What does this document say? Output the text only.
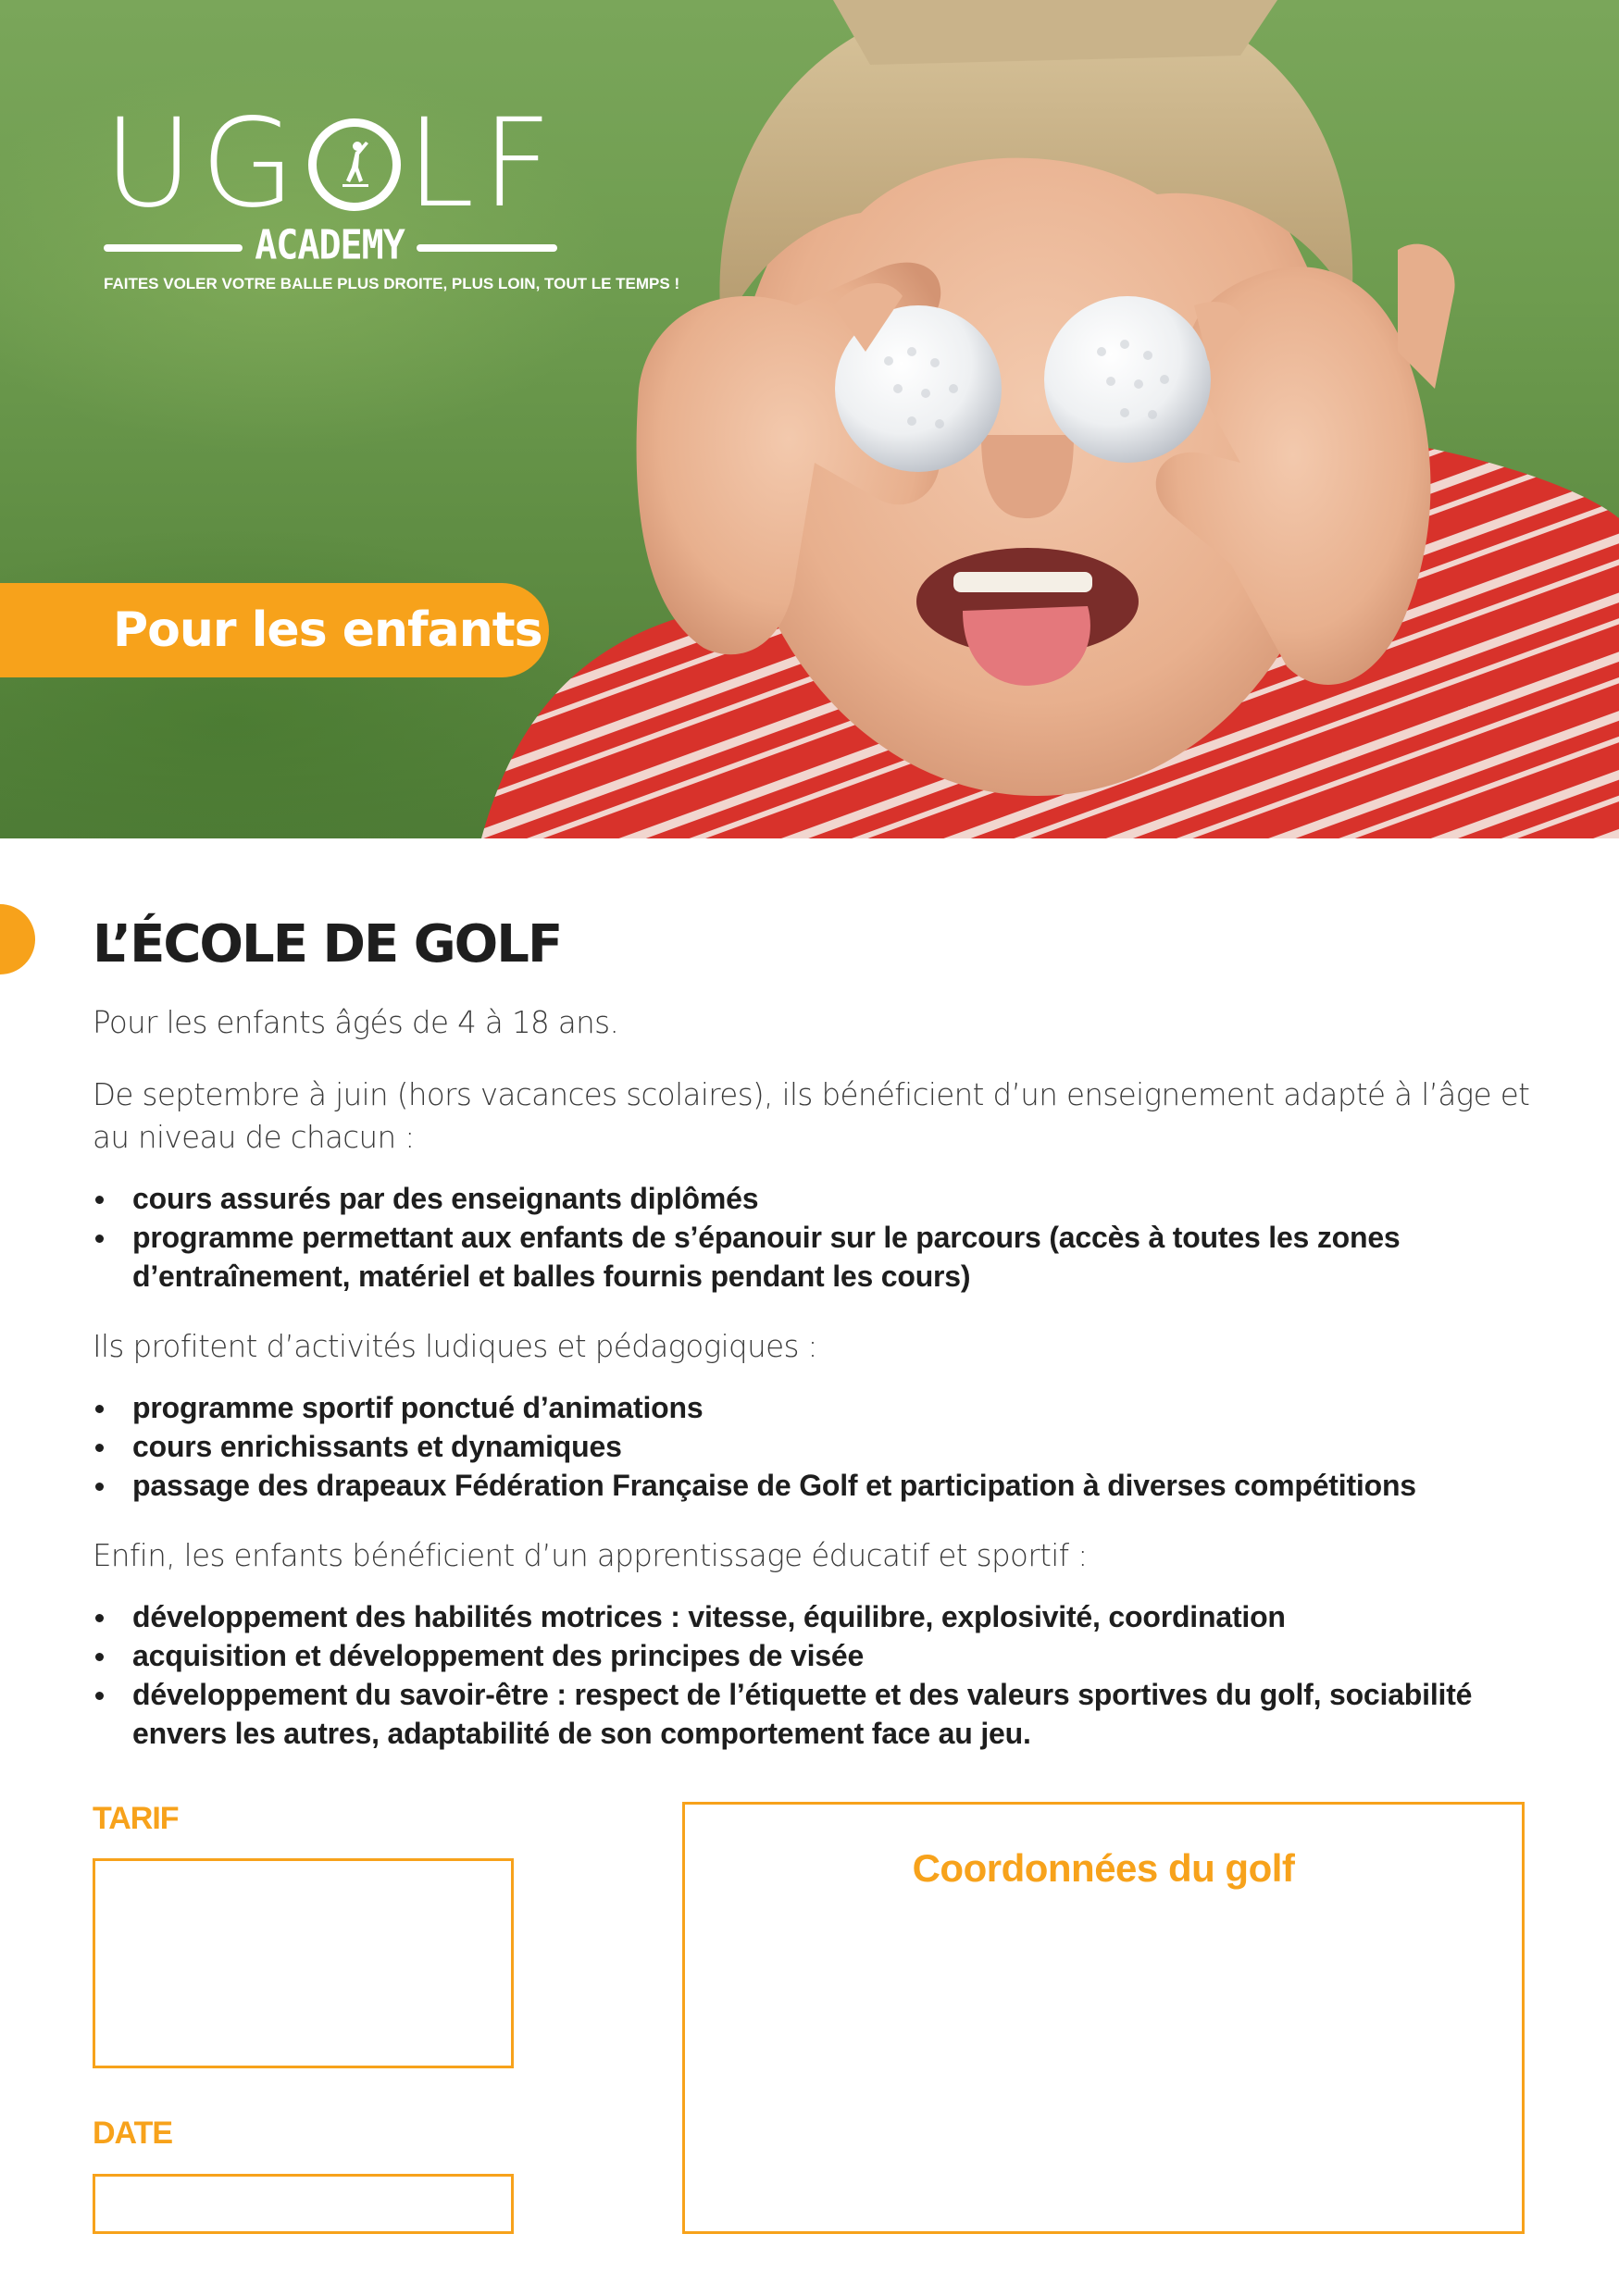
UG LF
ACADEMY
FAITES VOLER VOTRE BALLE PLUS DROITE, PLUS LOIN, TOUT LE TEMPS !
Pour les enfants
L’ÉCOLE DE GOLF

Pour les enfants âgés de 4 à 18 ans.

De septembre à juin (hors vacances scolaires), ils bénéficient d’un enseignement adapté à l’âge et au niveau de chacun :

cours assurés par des enseignants diplômés
programme permettant aux enfants de s’épanouir sur le parcours (accès à toutes les zones d’entraînement, matériel et balles fournis pendant les cours)

Ils profitent d’activités ludiques et pédagogiques :

programme sportif ponctué d’animations
cours enrichissants et dynamiques
passage des drapeaux Fédération Française de Golf et participation à diverses compétitions

Enfin, les enfants bénéficient d’un apprentissage éducatif et sportif :

développement des habilités motrices : vitesse, équilibre, explosivité, coordination
acquisition et développement des principes de visée
développement du savoir-être : respect de l’étiquette et des valeurs sportives du golf, sociabilité envers les autres, adaptabilité de son comportement face au jeu.
TARIF
DATE
Coordonnées du golf
